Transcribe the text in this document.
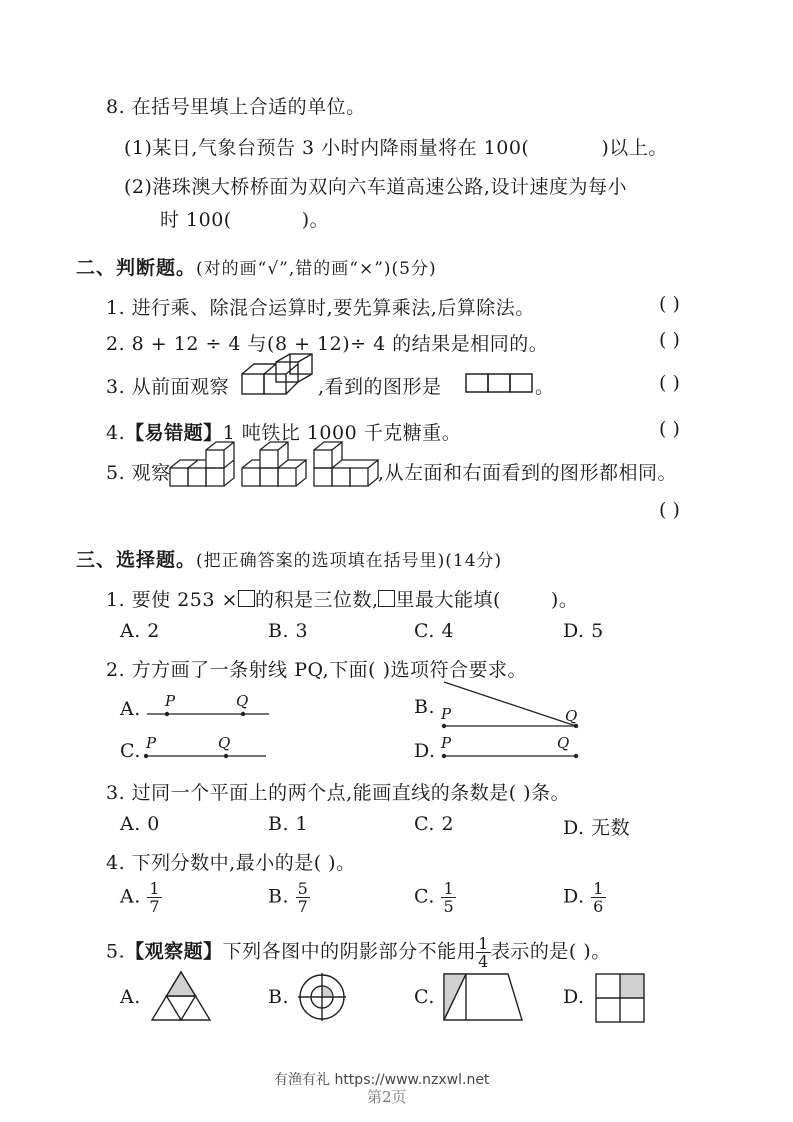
8. 在括号里填上合适的单位。
(1)某日,气象台预告 3 小时内降雨量将在 100(	)以上。
(2)港珠澳大桥桥面为双向六车道高速公路,设计速度为每小
时 100(	)。
二、判断题。(对的画“√”,错的画“×”)(5分)
1. 进行乘、除混合运算时,要先算乘法,后算除法。	( )
2. 8 + 12 ÷ 4 与(8 + 12)÷ 4 的结果是相同的。	( )
3. 从前面观察	,看到的图形是	。	( )
4.【易错题】1 吨铁比 1000 千克糖重。	( )
5. 观察	,从左面和右面看到的图形都相同。
( )
三、选择题。(把正确答案的选项填在括号里)(14分)
1. 要使 253 × 的积是三位数, 里最大能填(	)。
A. 2	B. 3	C. 4	D. 5
2. 方方画了一条射线 PQ,下面( )选项符合要求。
A. P	Q	B. P	Q
C. P	Q	D. P	Q
3. 过同一个平面上的两个点,能画直线的条数是( )条。
A. 0	B. 1	C. 2	D. 无数
4. 下列分数中,最小的是( )。
A. $\frac{1}{7}$	B. $\frac{5}{7}$	C. $\frac{1}{5}$	D. $\frac{1}{6}$
5.【观察题】下列各图中的阴影部分不能用 $\frac{1}{4}$ 表示的是( )。
A.	B.	C.	D.
有渔有礼 https://www.nzxwl.net
第2页
